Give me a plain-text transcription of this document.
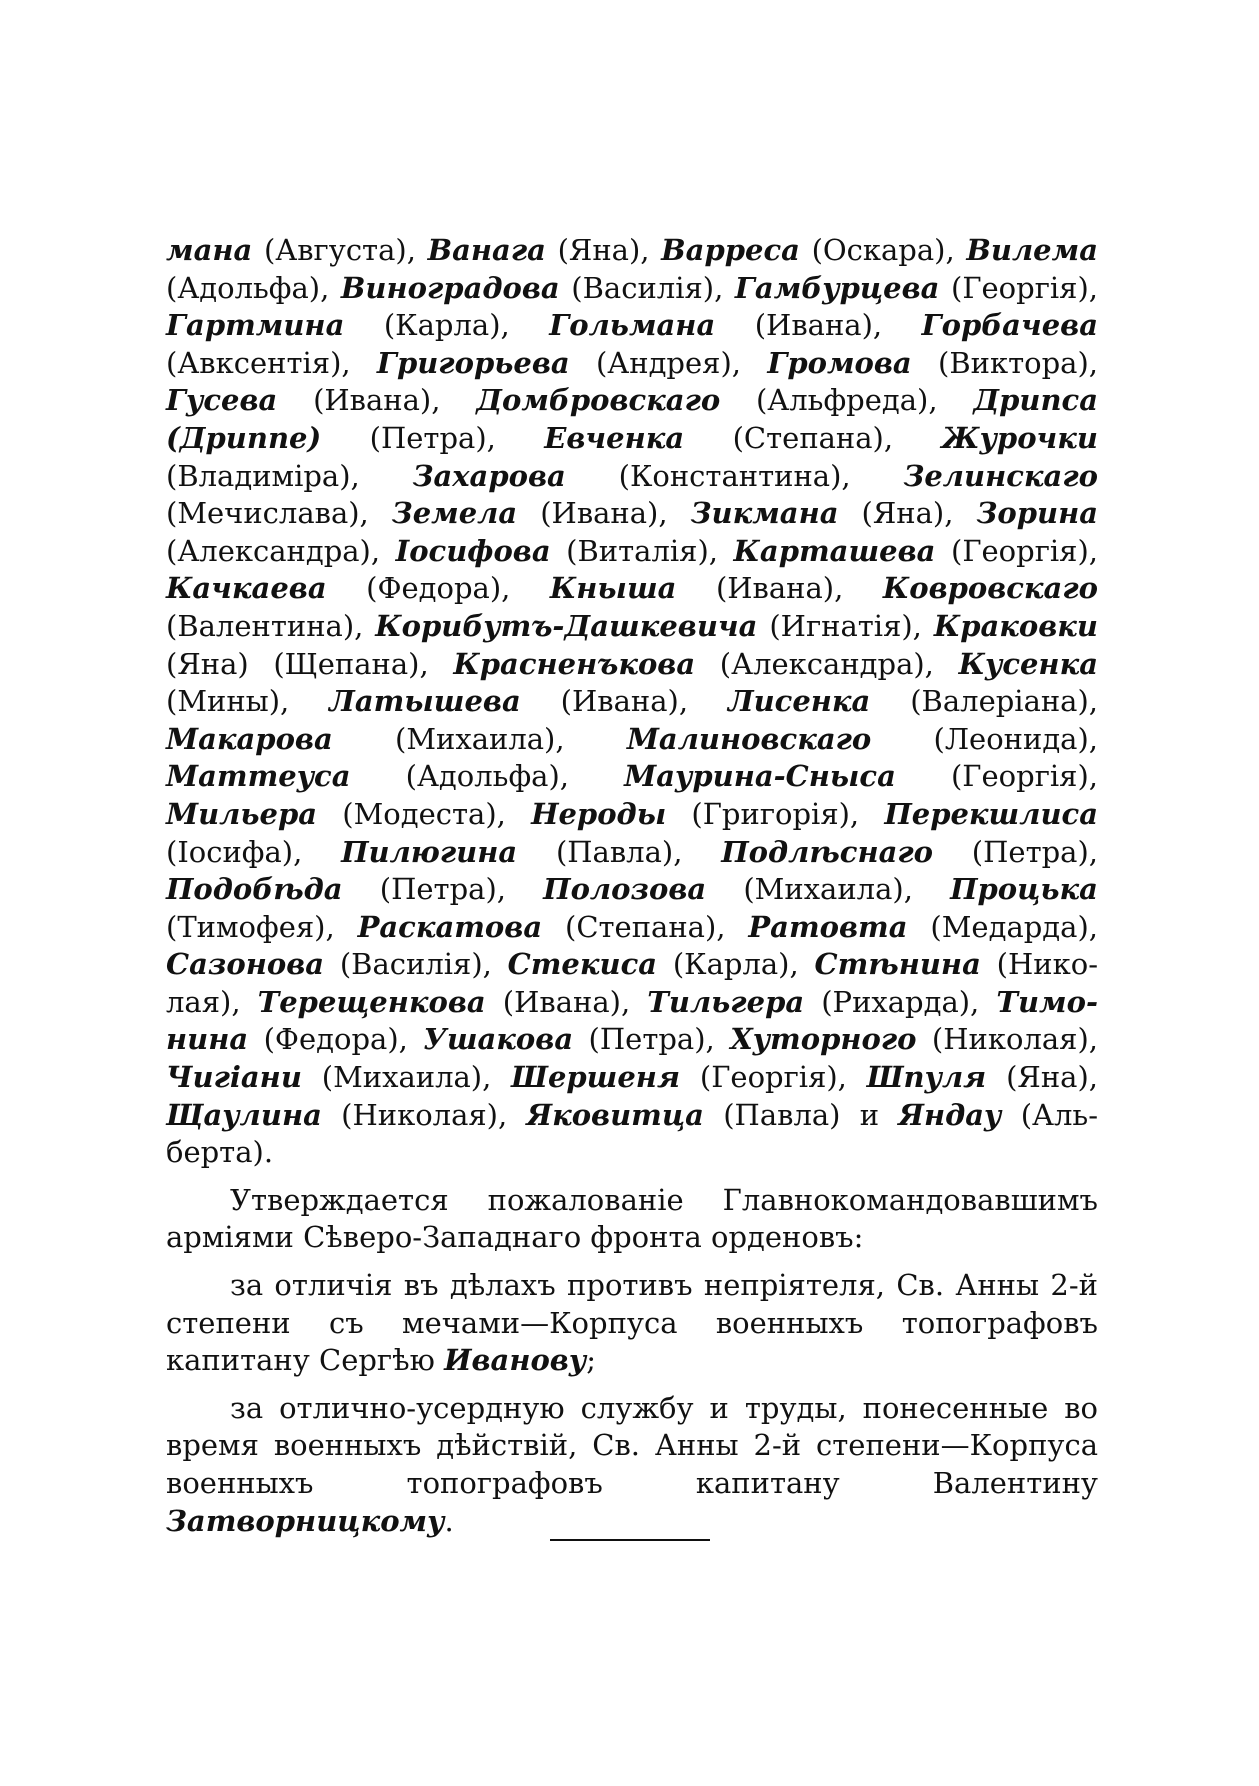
мана (Августа), Ванага (Яна), Варреса (Оскара), Вилема (Адольфа), Виноградова (Василія), Гамбурцева (Георгія), Гартмина (Карла), Гольмана (Ивана), Горбачева (Авксентія), Григорьева (Андрея), Громова (Виктора), Гусева (Ивана), Домбровскаго (Альфреда), Дрипса (Дриппе) (Петра), Евченка (Степана), Журочки (Владиміра), Захарова (Константина), Зелинскаго (Мечислава), Земела (Ивана), Зикмана (Яна), Зорина (Александра), Іосифова (Виталія), Карташева (Георгія), Качкаева (Федора), Кныша (Ивана), Ковровскаго (Валентина), Корибутъ-Дашкевича (Игнатія), Краковки (Яна) (Щепана), Красненъкова (Александра), Кусенка (Мины), Латышева (Ивана), Лисенка (Валеріана), Макарова (Михаила), Малиновскаго (Леонида), Маттеуса (Адольфа), Маурина-Сныса (Георгія), Мильера (Модеста), Нероды (Григорія), Перекшлиса (Іосифа), Пилюгина (Павла), Подлѣснаго (Петра), Подобѣда (Петра), Полозова (Михаила), Процька (Тимофея), Раскатова (Степана), Ратовта (Медарда), Сазонова (Василія), Стекиса (Карла), Стѣнина (Николая), Терещенкова (Ивана), Тильгера (Рихарда), Тимонина (Федора), Ушакова (Петра), Хуторного (Николая), Чигіани (Михаила), Шершеня (Георгія), Шпуля (Яна), Щаулина (Николая), Яковитца (Павла) и Яндау (Альберта).

Утверждается пожалованіе Главнокомандовавшимъ арміями Сѣверо-Западнаго фронта орденовъ:

за отличія въ дѣлахъ противъ непріятеля, Св. Анны 2-й степени съ мечами—Корпуса военныхъ топографовъ капитану Сергѣю Иванову;

за отлично-усердную службу и труды, понесенные во время военныхъ дѣйствій, Св. Анны 2-й степени—Корпуса военныхъ топографовъ капитану Валентину Затворницкому.
